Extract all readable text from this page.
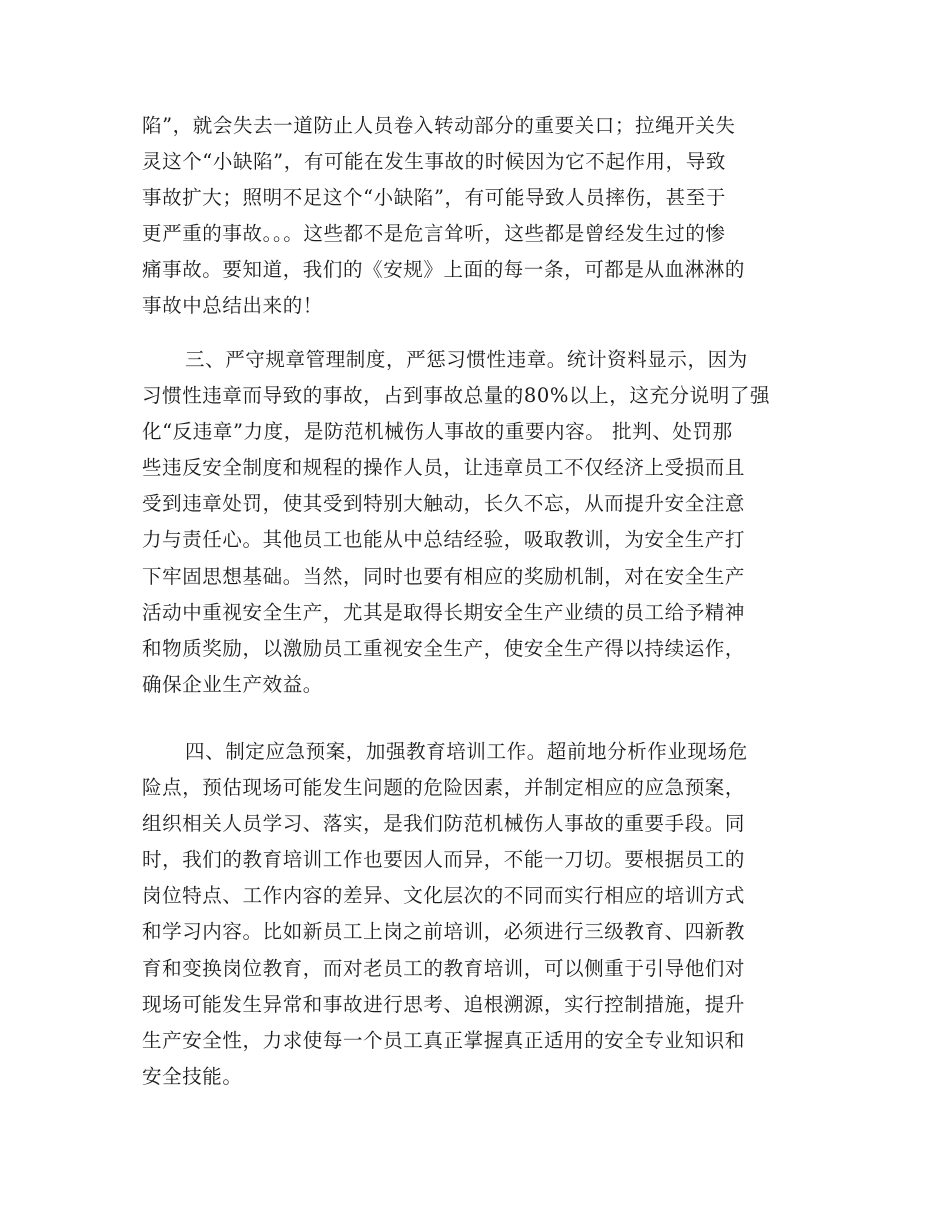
陷”，就会失去一道防止人员卷入转动部分的重要关口；拉绳开关失
灵这个“小缺陷”，有可能在发生事故的时候因为它不起作用，导致
事故扩大；照明不足这个“小缺陷”，有可能导致人员摔伤，甚至于
更严重的事故。。。这些都不是危言耸听，这些都是曾经发生过的惨
痛事故。要知道，我们的《安规》上面的每一条，可都是从血淋淋的
事故中总结出来的！
三、严守规章管理制度，严惩习惯性违章。统计资料显示，因为
习惯性违章而导致的事故，占到事故总量的80%以上，这充分说明了强
化“反违章”力度，是防范机械伤人事故的重要内容。 批判、处罚那
些违反安全制度和规程的操作人员，让违章员工不仅经济上受损而且
受到违章处罚，使其受到特别大触动，长久不忘，从而提升安全注意
力与责任心。其他员工也能从中总结经验，吸取教训，为安全生产打
下牢固思想基础。当然，同时也要有相应的奖励机制，对在安全生产
活动中重视安全生产，尤其是取得长期安全生产业绩的员工给予精神
和物质奖励，以激励员工重视安全生产，使安全生产得以持续运作，
确保企业生产效益。
四、制定应急预案，加强教育培训工作。超前地分析作业现场危
险点，预估现场可能发生问题的危险因素，并制定相应的应急预案，
组织相关人员学习、落实，是我们防范机械伤人事故的重要手段。同
时，我们的教育培训工作也要因人而异，不能一刀切。要根据员工的
岗位特点、工作内容的差异、文化层次的不同而实行相应的培训方式
和学习内容。比如新员工上岗之前培训，必须进行三级教育、四新教
育和变换岗位教育，而对老员工的教育培训，可以侧重于引导他们对
现场可能发生异常和事故进行思考、追根溯源，实行控制措施，提升
生产安全性，力求使每一个员工真正掌握真正适用的安全专业知识和
安全技能。
